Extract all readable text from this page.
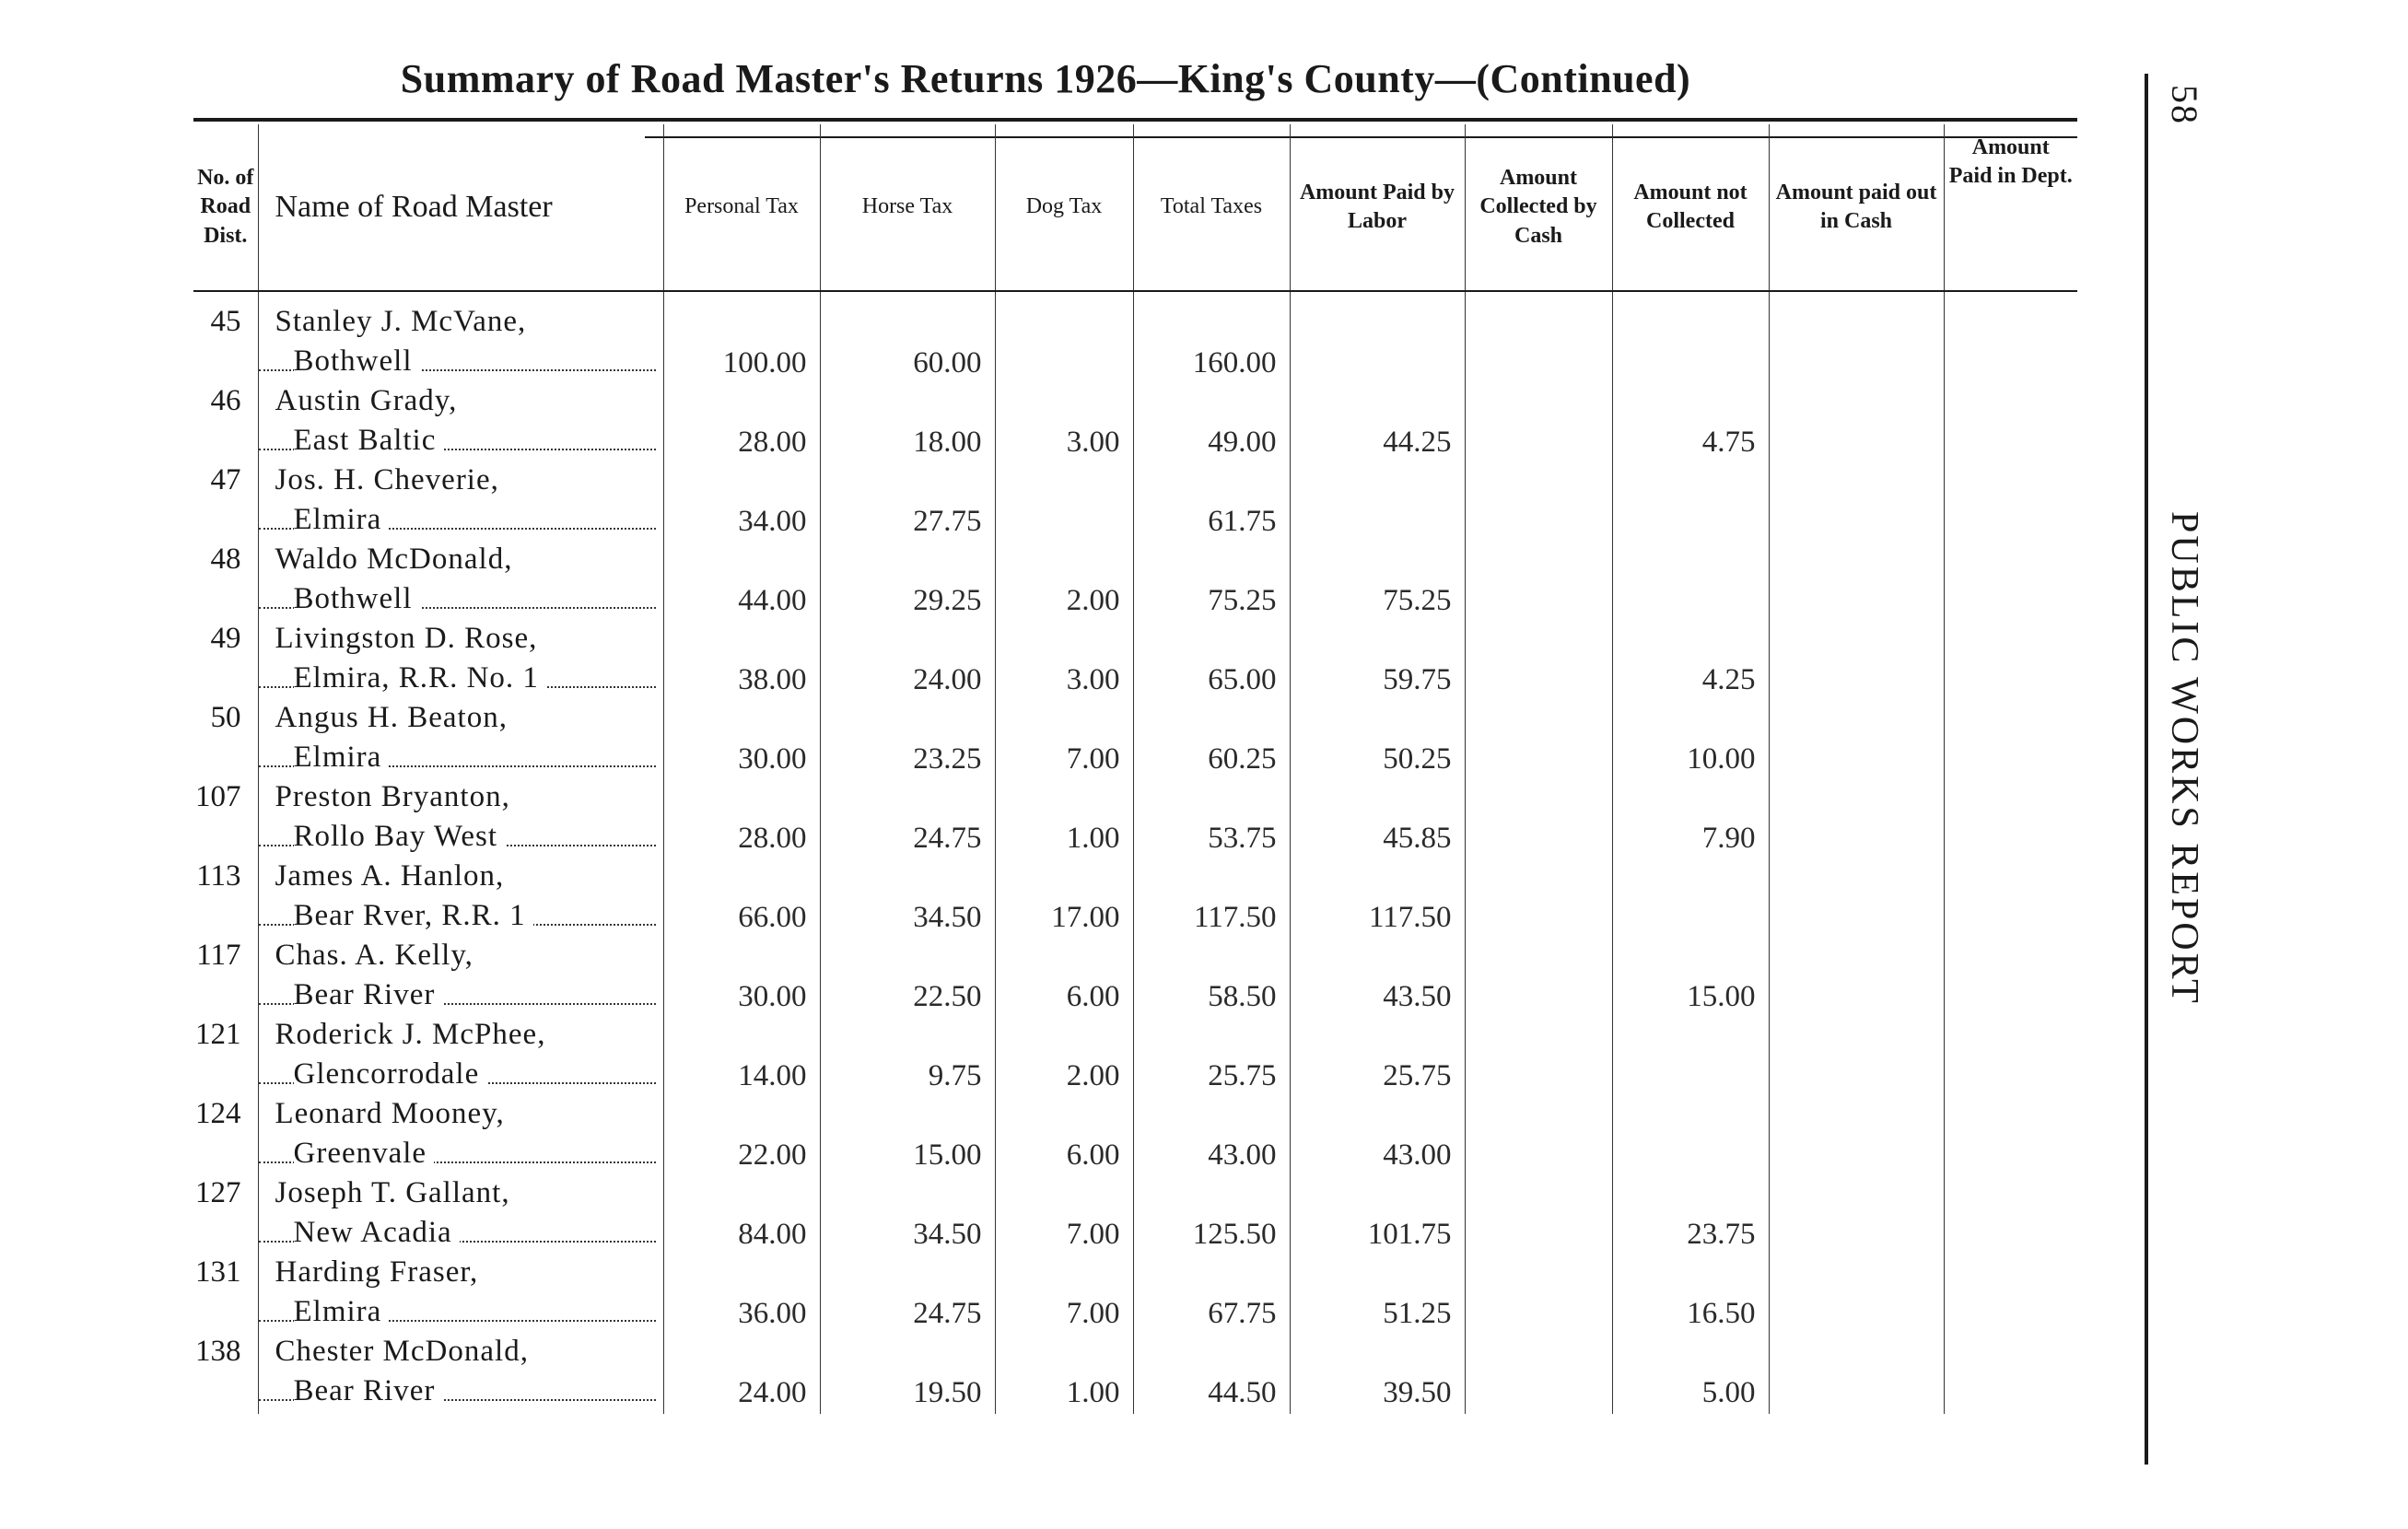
Summary of Road Master's Returns 1926—King's County—(Continued)
58
PUBLIC WORKS REPORT
No. of Road Dist.	Name of Road Master	Personal Tax	Horse Tax	Dog Tax	Total Taxes	Amount Paid by Labor	Amount Collected by Cash	Amount not Collected	Amount paid out in Cash	Amount Paid in Dept.

45	Stanley J. McVane,
Bothwell	100.00	60.00		160.00					

46	Austin Grady,
East Baltic	28.00	18.00	3.00	49.00	44.25		4.75		

47	Jos. H. Cheverie,
Elmira	34.00	27.75		61.75					

48	Waldo McDonald,
Bothwell	44.00	29.25	2.00	75.25	75.25				

49	Livingston D. Rose,
Elmira, R.R. No. 1	38.00	24.00	3.00	65.00	59.75		4.25		

50	Angus H. Beaton,
Elmira	30.00	23.25	7.00	60.25	50.25		10.00		

107	Preston Bryanton,
Rollo Bay West	28.00	24.75	1.00	53.75	45.85		7.90		

113	James A. Hanlon,
Bear Rver, R.R. 1	66.00	34.50	17.00	117.50	117.50				

117	Chas. A. Kelly,
Bear River	30.00	22.50	6.00	58.50	43.50		15.00		

121	Roderick J. McPhee,
Glencorrodale	14.00	9.75	2.00	25.75	25.75				

124	Leonard Mooney,
Greenvale	22.00	15.00	6.00	43.00	43.00				

127	Joseph T. Gallant,
New Acadia	84.00	34.50	7.00	125.50	101.75		23.75		

131	Harding Fraser,
Elmira	36.00	24.75	7.00	67.75	51.25		16.50		

138	Chester McDonald,
Bear River	24.00	19.50	1.00	44.50	39.50		5.00		
